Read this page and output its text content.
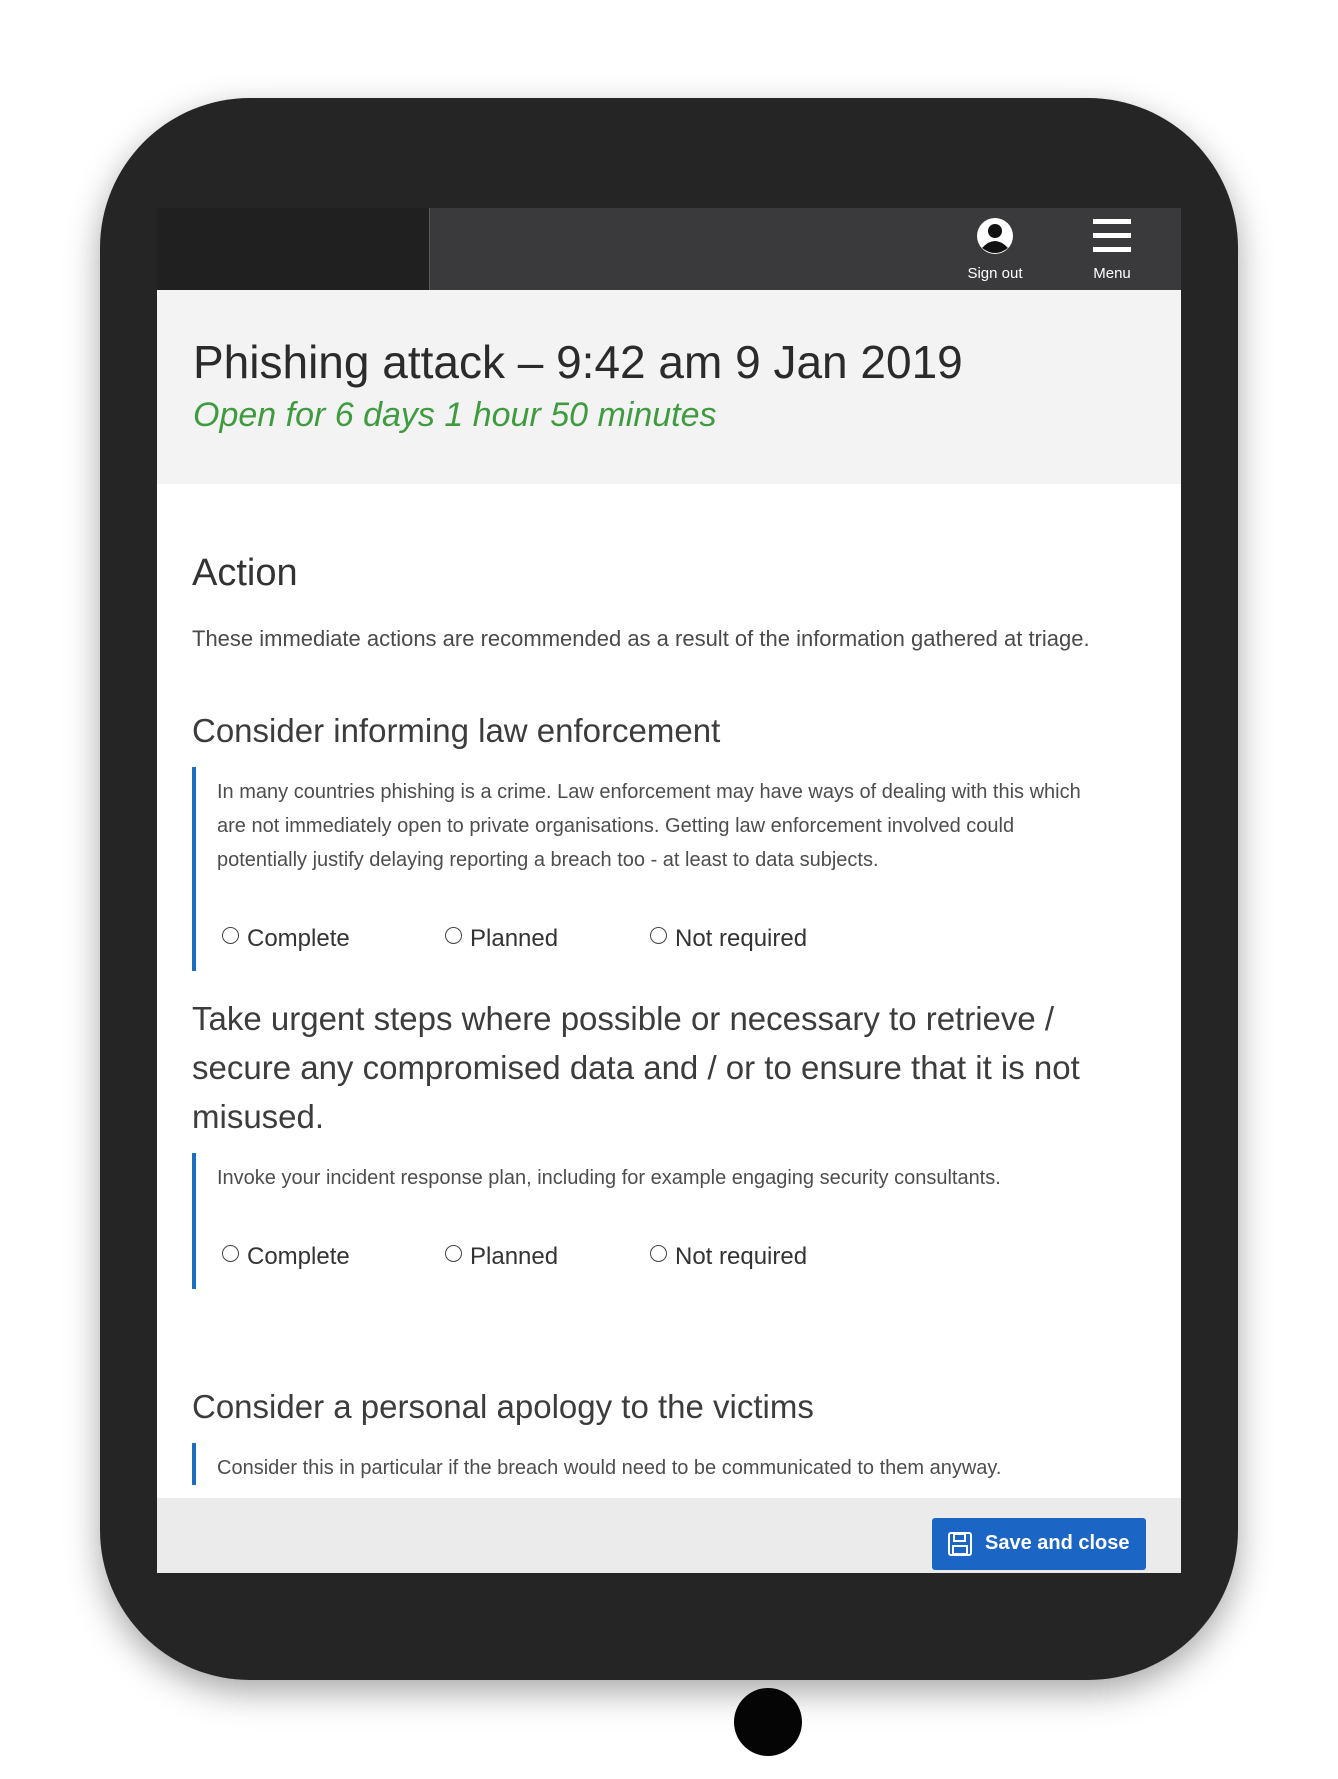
Sign out	Menu
Phishing attack – 9:42 am 9 Jan 2019
Open for 6 days 1 hour 50 minutes
Action

These immediate actions are recommended as a result of the information gathered at triage.

Consider informing law enforcement

In many countries phishing is a crime. Law enforcement may have ways of dealing with this which are not immediately open to private organisations. Getting law enforcement involved could potentially justify delaying reporting a breach too - at least to data subjects.

Complete	Planned	Not required
Take urgent steps where possible or necessary to retrieve / secure any compromised data and / or to ensure that it is not misused.

Invoke your incident response plan, including for example engaging security consultants.

Complete	Planned	Not required
Consider a personal apology to the victims

Consider this in particular if the breach would need to be communicated to them anyway.

Save and close
